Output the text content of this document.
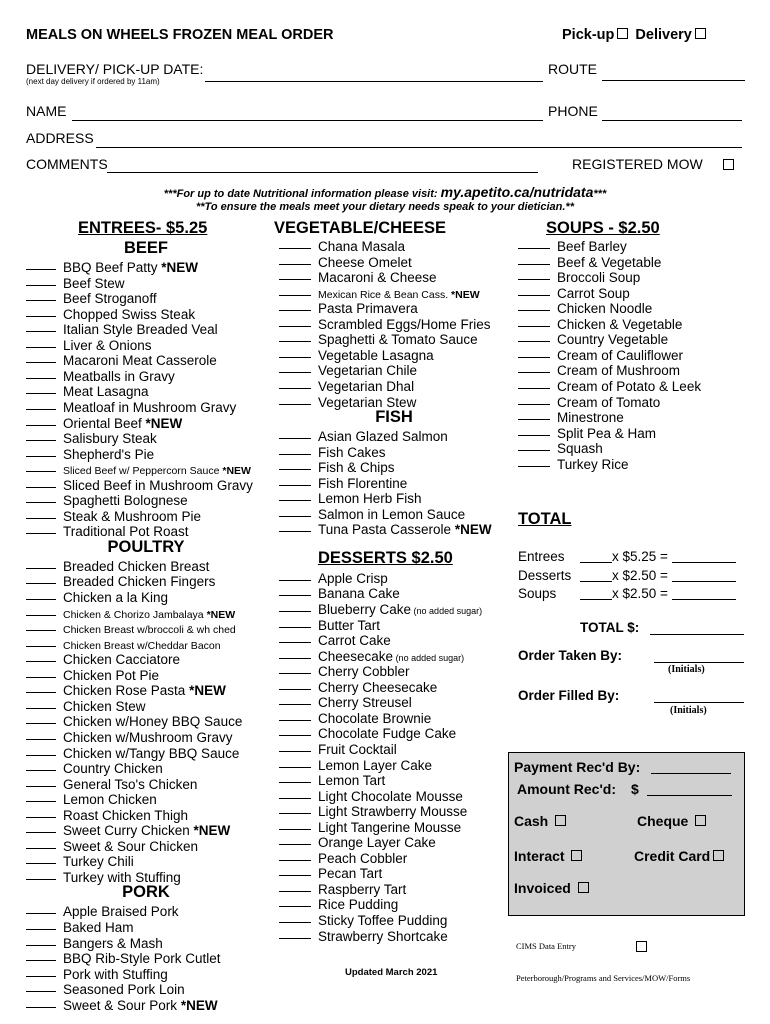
MEALS ON WHEELS FROZEN MEAL ORDER	Pick-up Delivery
DELIVERY/ PICK-UP DATE:
(next day delivery if ordered by 11am)
ROUTE
NAME	PHONE
ADDRESS
COMMENTS	REGISTERED MOW
***For up to date Nutritional information please visit: my.apetito.ca/nutridata***
**To ensure the meals meet your dietary needs speak to your dietician.**
ENTREES- $5.25
BEEF
VEGETABLE/CHEESE	SOUPS - $2.50
BBQ Beef Patty *NEW
Beef Stew
Beef Stroganoff
Chopped Swiss Steak
Italian Style Breaded Veal
Liver & Onions
Macaroni Meat Casserole
Meatballs in Gravy
Meat Lasagna
Meatloaf in Mushroom Gravy
Oriental Beef *NEW
Salisbury Steak
Shepherd's Pie
Sliced Beef w/ Peppercorn Sauce *NEW
Sliced Beef in Mushroom Gravy
Spaghetti Bolognese
Steak & Mushroom Pie
Traditional Pot Roast
POULTRY
Breaded Chicken Breast
Breaded Chicken Fingers
Chicken a la King
Chicken & Chorizo Jambalaya *NEW
Chicken Breast w/broccoli & wh ched
Chicken Breast w/Cheddar Bacon
Chicken Cacciatore
Chicken Pot Pie
Chicken Rose Pasta *NEW
Chicken Stew
Chicken w/Honey BBQ Sauce
Chicken w/Mushroom Gravy
Chicken w/Tangy BBQ Sauce
Country Chicken
General Tso's Chicken
Lemon Chicken
Roast Chicken Thigh
Sweet Curry Chicken *NEW
Sweet & Sour Chicken
Turkey Chili
Turkey with Stuffing
PORK
Apple Braised Pork
Baked Ham
Bangers & Mash
BBQ Rib-Style Pork Cutlet
Pork with Stuffing
Seasoned Pork Loin
Sweet & Sour Pork *NEW
Chana Masala
Cheese Omelet
Macaroni & Cheese
Mexican Rice & Bean Cass. *NEW
Pasta Primavera
Scrambled Eggs/Home Fries
Spaghetti & Tomato Sauce
Vegetable Lasagna
Vegetarian Chile
Vegetarian Dhal
Vegetarian Stew
FISH
Asian Glazed Salmon
Fish Cakes
Fish & Chips
Fish Florentine
Lemon Herb Fish
Salmon in Lemon Sauce
Tuna Pasta Casserole *NEW
DESSERTS $2.50
Apple Crisp
Banana Cake
Blueberry Cake (no added sugar)
Butter Tart
Carrot Cake
Cheesecake (no added sugar)
Cherry Cobbler
Cherry Cheesecake
Cherry Streusel
Chocolate Brownie
Chocolate Fudge Cake
Fruit Cocktail
Lemon Layer Cake
Lemon Tart
Light Chocolate Mousse
Light Strawberry Mousse
Light Tangerine Mousse
Orange Layer Cake
Peach Cobbler
Pecan Tart
Raspberry Tart
Rice Pudding
Sticky Toffee Pudding
Strawberry Shortcake
Beef Barley
Beef & Vegetable
Broccoli Soup
Carrot Soup
Chicken Noodle
Chicken & Vegetable
Country Vegetable
Cream of Cauliflower
Cream of Mushroom
Cream of Potato & Leek
Cream of Tomato
Minestrone
Split Pea & Ham
Squash
Turkey Rice
TOTAL
Entrees	x $5.25 =
Desserts	x $2.50 =
Soups	x $2.50 =
TOTAL $:
Order Taken By:
(Initials)
Order Filled By:
(Initials)
Payment Rec'd By:
Amount Rec'd: $
Cash	Cheque
Interact	Credit Card
Invoiced
CIMS Data Entry
Peterborough/Programs and Services/MOW/Forms
Updated March 2021
